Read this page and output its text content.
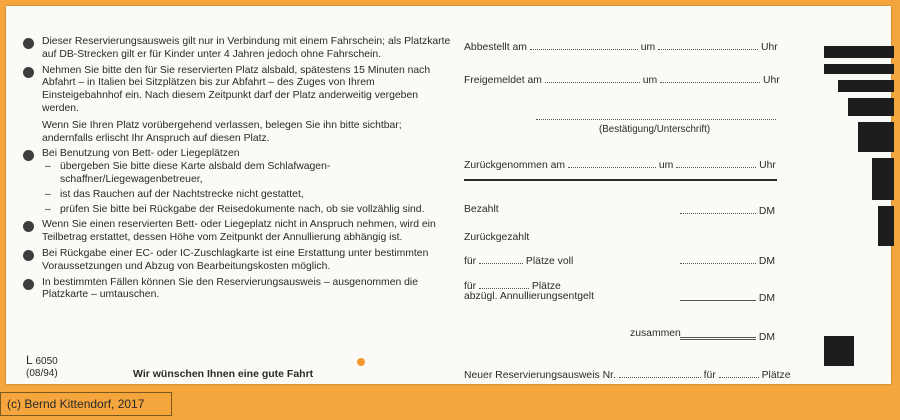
Dieser Reservierungsausweis gilt nur in Verbindung mit einem Fahrschein; als Platzkarte auf DB-Strecken gilt er für Kinder unter 4 Jahren jedoch ohne Fahrschein.
Nehmen Sie bitte den für Sie reservierten Platz alsbald, spätestens 15 Minuten nach Abfahrt – in Italien bei Sitzplätzen bis zur Abfahrt – des Zuges von Ihrem Einsteigebahnhof ein. Nach diesem Zeitpunkt darf der Platz anderweitig vergeben werden.
Wenn Sie Ihren Platz vorübergehend verlassen, belegen Sie ihn bitte sichtbar; andernfalls erlischt Ihr Anspruch auf diesen Platz.
Bei Benutzung von Bett- oder Liegeplätzen
– übergeben Sie bitte diese Karte alsbald dem Schlafwagen-schaffner/Liegewagenbetreuer,
– ist das Rauchen auf der Nachtstrecke nicht gestattet,
– prüfen Sie bitte bei Rückgabe der Reisedokumente nach, ob sie vollzählig sind.
Wenn Sie einen reservierten Bett- oder Liegeplatz nicht in Anspruch nehmen, wird ein Teilbetrag erstattet, dessen Höhe vom Zeitpunkt der Annullierung abhängig ist.
Bei Rückgabe einer EC- oder IC-Zuschlagkarte ist eine Erstattung unter bestimmten Voraussetzungen und Abzug von Bearbeitungskosten möglich.
In bestimmten Fällen können Sie den Reservierungsausweis – ausgenommen die Platzkarte – umtauschen.
L 6050
(08/94)	Wir wünschen Ihnen eine gute Fahrt
Abbestellt am	um	Uhr
Freigemeldet am	um	Uhr
(Bestätigung/Unterschrift)
Zurückgenommen am	um	Uhr
Bezahlt	DM
Zurückgezahlt
für	Plätze voll	DM
für	Plätze
abzügl. Annullierungsentgelt	DM
zusammen	DM
Neuer Reservierungsausweis Nr.	für	Plätze
(c) Bernd Kittendorf, 2017
